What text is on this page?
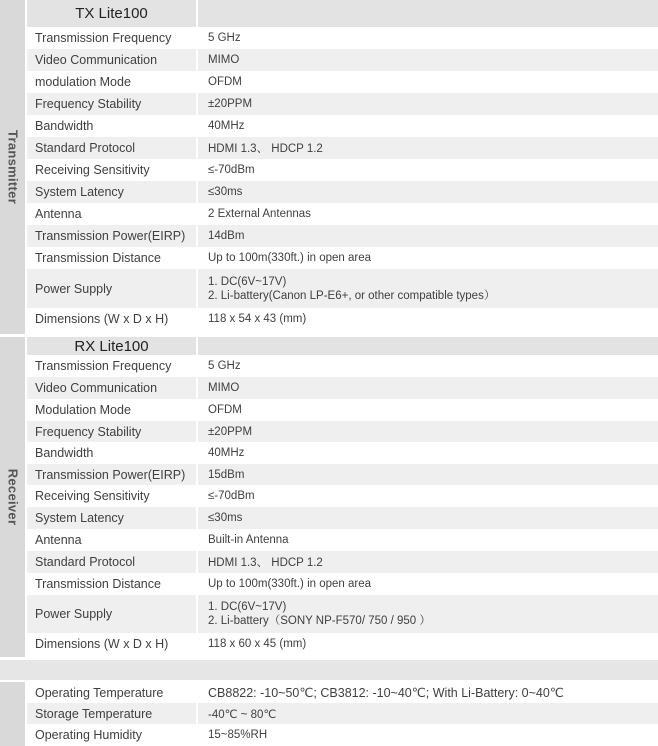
Transmitter
TX Lite100
Transmission Frequency	5 GHz
Video Communication	MIMO
modulation Mode	OFDM
Frequency Stability	±20PPM
Bandwidth	40MHz
Standard Protocol	HDMI 1.3、 HDCP 1.2
Receiving Sensitivity	≤-70dBm
System Latency	≤30ms
Antenna	2 External Antennas
Transmission Power(EIRP)	14dBm
Transmission Distance	Up to 100m(330ft.) in open area
Power Supply	1. DC(6V~17V)
2. Li-battery(Canon LP-E6+, or other compatible types）
Dimensions (W x D x H)	118 x 54 x 43 (mm)
Receiver
RX Lite100
Transmission Frequency	5 GHz
Video Communication	MIMO
Modulation Mode	OFDM
Frequency Stability	±20PPM
Bandwidth	40MHz
Transmission Power(EIRP)	15dBm
Receiving Sensitivity	≤-70dBm
System Latency	≤30ms
Antenna	Built-in Antenna
Standard Protocol	HDMI 1.3、 HDCP 1.2
Transmission Distance	Up to 100m(330ft.) in open area
Power Supply	1. DC(6V~17V)
2. Li-battery（SONY NP-F570/ 750 / 950 ）
Dimensions (W x D x H)	118 x 60 x 45 (mm)
Operating Temperature	CB8822: -10~50℃; CB3812: -10~40℃; With Li-Battery: 0~40℃
Storage Temperature	-40℃ ~ 80℃
Operating Humidity	15~85%RH
